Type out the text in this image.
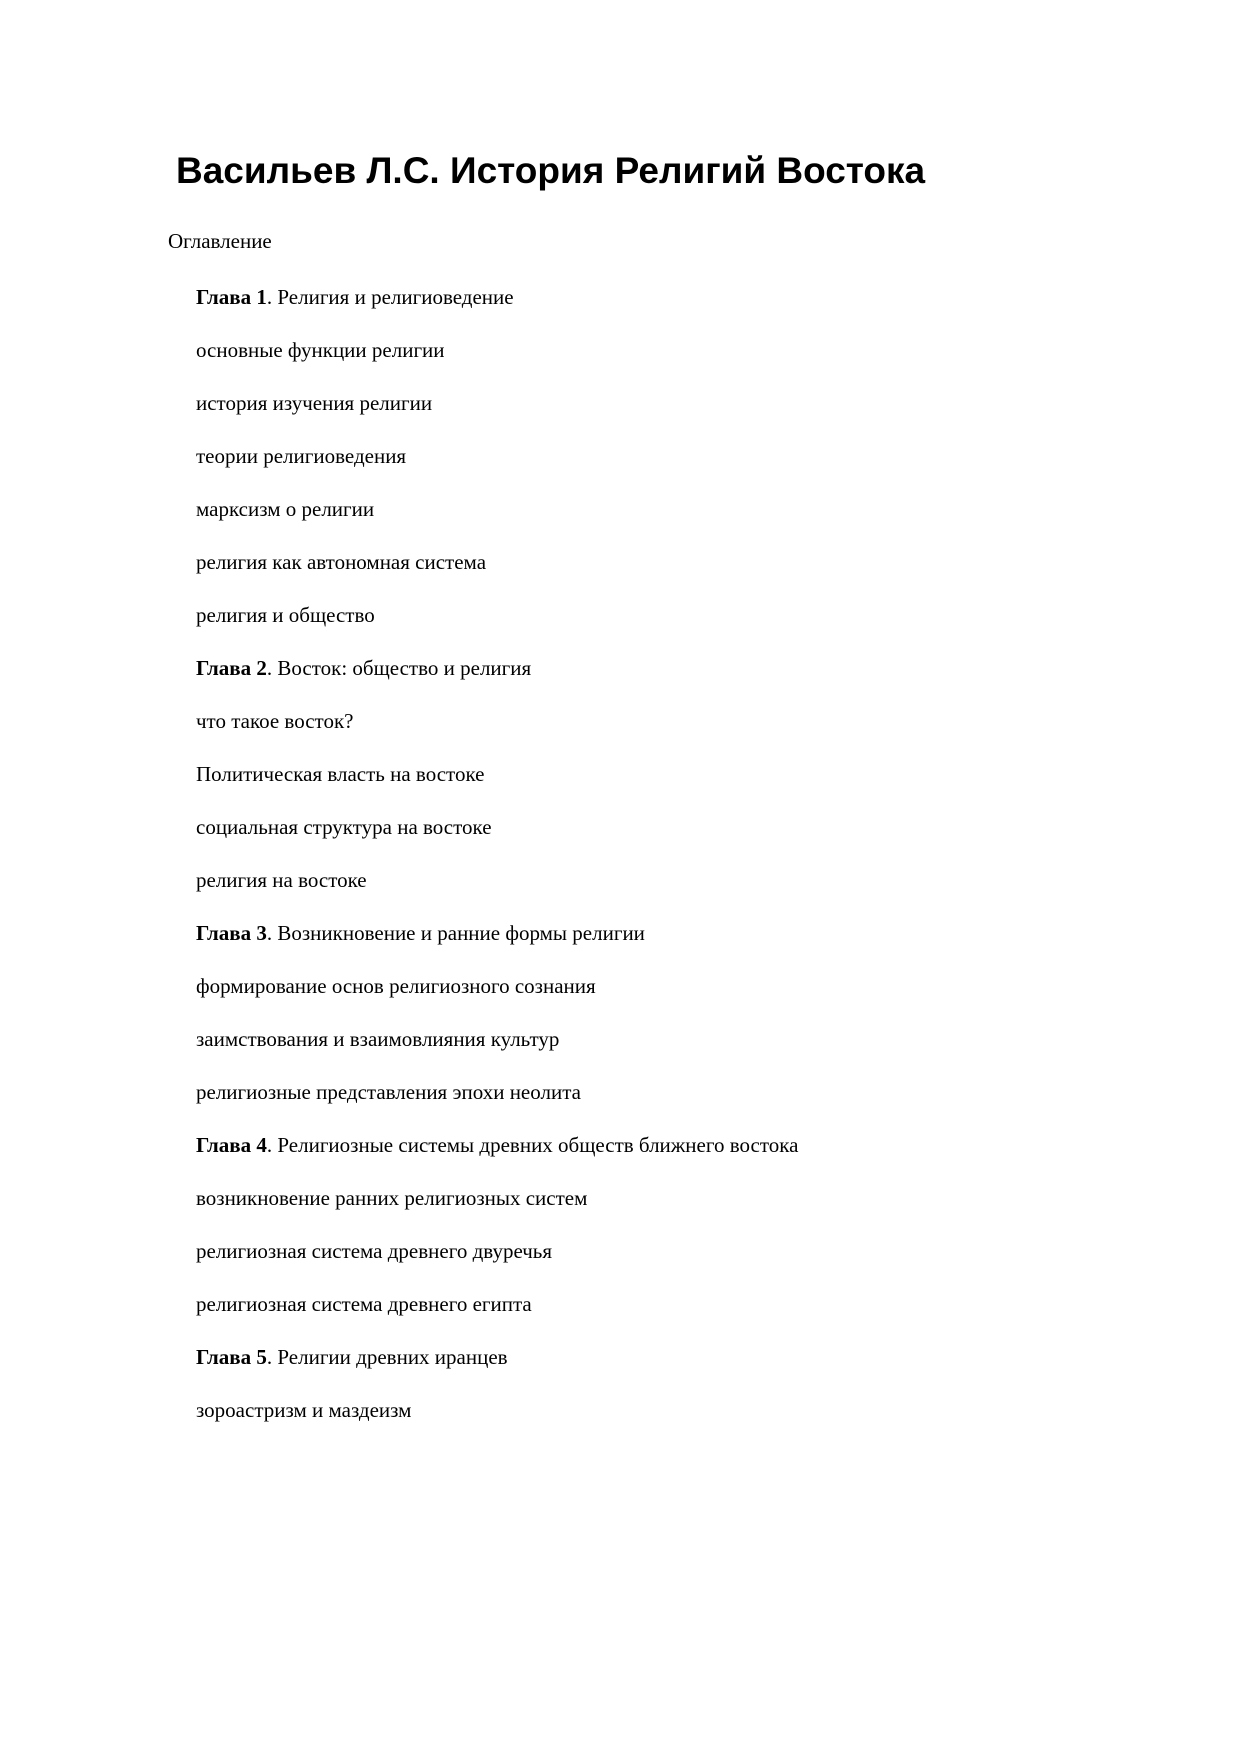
Васильев Л.С. История Религий Востока

Оглавление

Глава 1. Религия и религиоведение

основные функции религии

история изучения религии

теории религиоведения

марксизм о религии

религия как автономная система

религия и общество

Глава 2. Восток: общество и религия

что такое восток?

Политическая власть на востоке

социальная структура на востоке

религия на востоке

Глава 3. Возникновение и ранние формы религии

формирование основ религиозного сознания

заимствования и взаимовлияния культур

религиозные представления эпохи неолита

Глава 4. Религиозные системы древних обществ ближнего востока

возникновение ранних религиозных систем

религиозная система древнего двуречья

религиозная система древнего египта

Глава 5. Религии древних иранцев

зороастризм и маздеизм
